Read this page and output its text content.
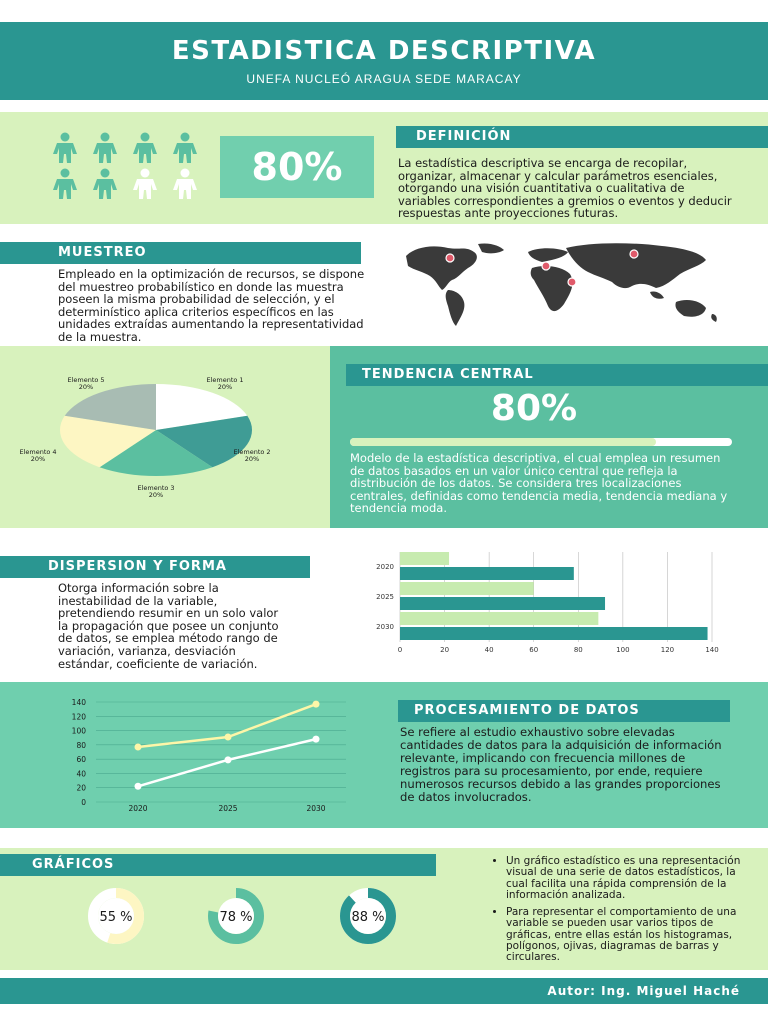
ESTADISTICA DESCRIPTIVA
UNEFA NUCLEÓ ARAGUA SEDE MARACAY
80%
DEFINICIÓN
La estadística descriptiva se encarga de recopilar, organizar, almacenar y calcular parámetros esenciales, otorgando una visión cuantitativa o cualitativa de variables correspondientes a gremios o eventos y deducir respuestas ante proyecciones futuras.
MUESTREO
Empleado en la optimización de recursos, se dispone del muestreo probabilístico en donde las muestra poseen la misma probabilidad de selección, y el determinístico aplica criterios específicos en las unidades extraídas aumentando la representatividad de la muestra.
Elemento 1
20%
Elemento 2
20%
Elemento 3
20%
Elemento 4
20%
Elemento 5
20%
TENDENCIA CENTRAL
80%
Modelo de la estadística descriptiva, el cual emplea un resumen de datos basados en un valor único central que refleja la distribución de los datos. Se considera tres localizaciones centrales, definidas como tendencia media, tendencia mediana y tendencia moda.
DISPERSION Y FORMA
Otorga información sobre la inestabilidad de la variable, pretendiendo resumir en un solo valor la propagación que posee un conjunto de datos, se emplea método rango de variación, varianza, desviación estándar, coeficiente de variación.
0	20	40	60	80	100	120	140
2020
2025
2030
0
20
40
60
80
100
120
140
2020	2025	2030
PROCESAMIENTO DE DATOS
Se refiere al estudio exhaustivo sobre elevadas cantidades de datos para la adquisición de información relevante, implicando con frecuencia millones de registros para su procesamiento, por ende, requiere numerosos recursos debido a las grandes proporciones de datos involucrados.
GRÁFICOS
55 %	78 %	88 %
• Un gráfico estadístico es una representación visual de una serie de datos estadísticos, la cual facilita una rápida comprensión de la información analizada.
• Para representar el comportamiento de una variable se pueden usar varios tipos de gráficas, entre ellas están los histogramas, polígonos, ojivas, diagramas de barras y circulares.
Autor: Ing. Miguel Haché
